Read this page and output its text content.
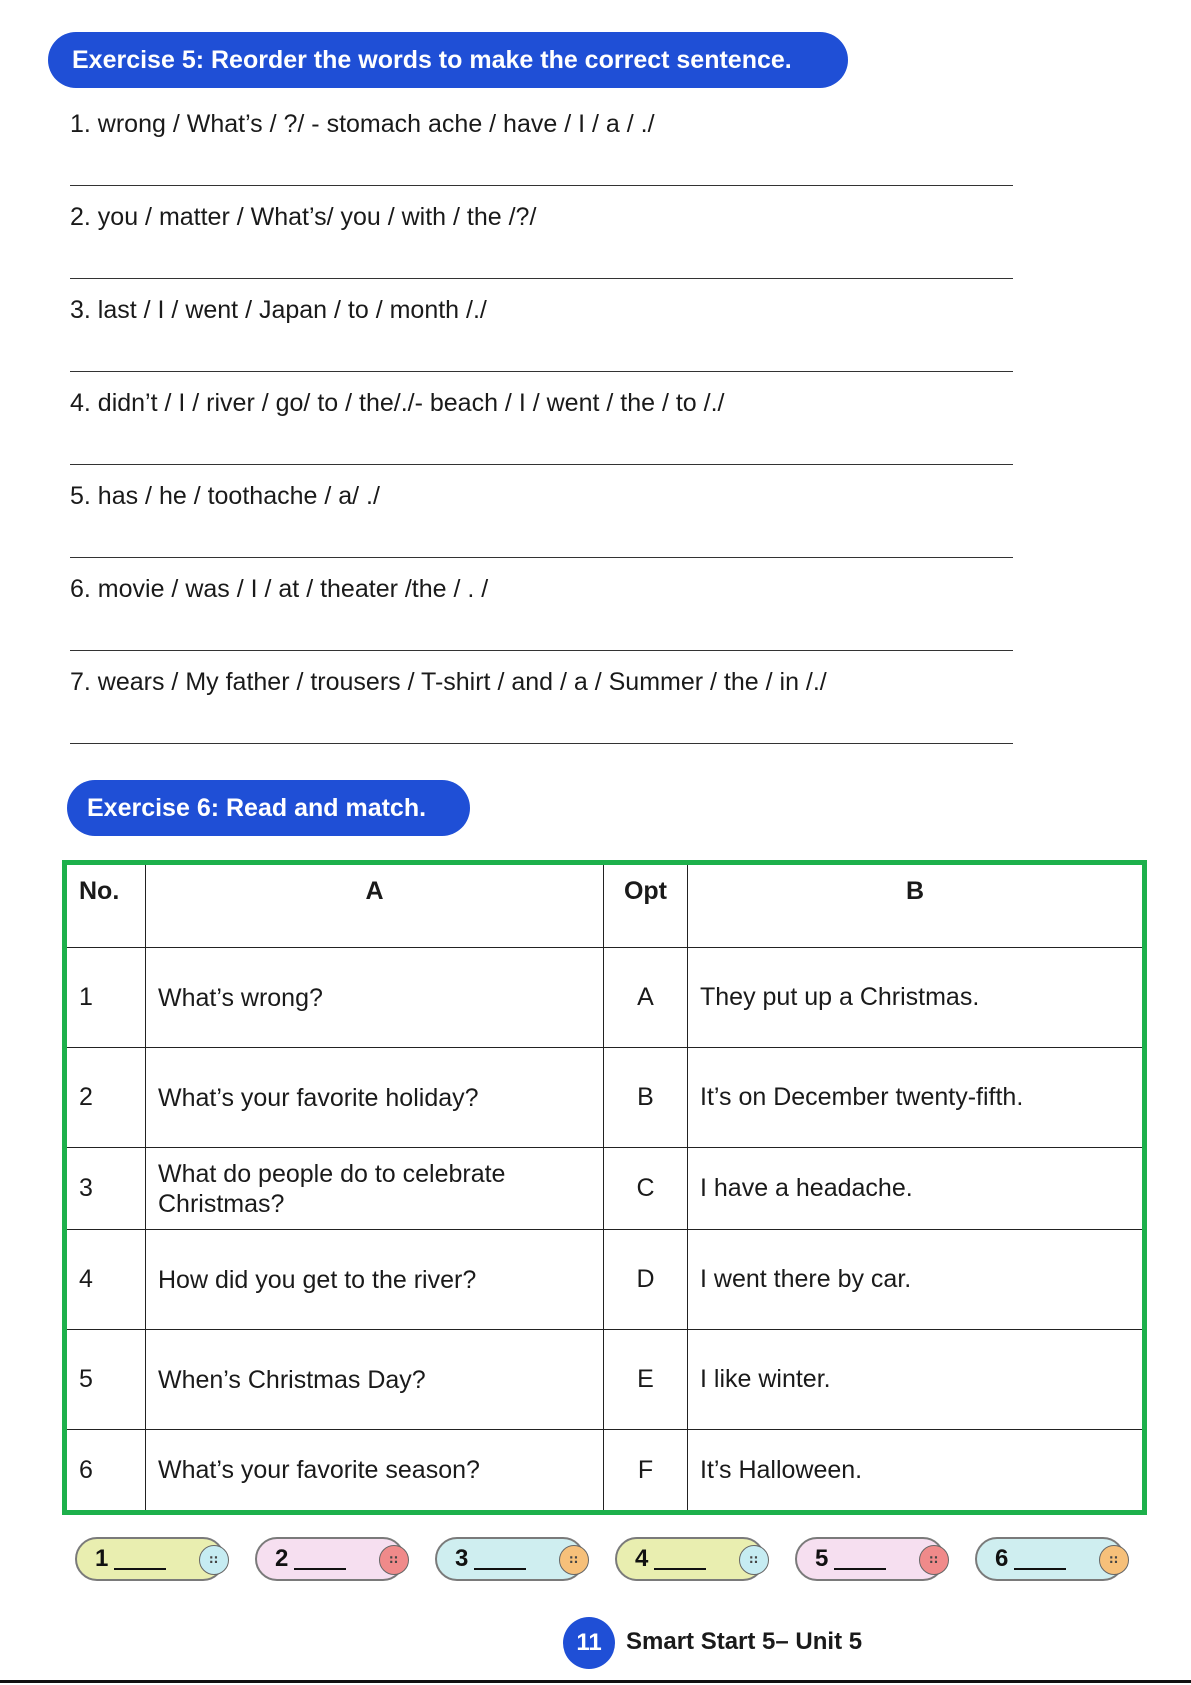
Exercise 5: Reorder the words to make the correct sentence.
1. wrong / What’s / ?/ - stomach ache / have / I / a / ./
2. you / matter / What’s/ you / with / the /?/
3. last / I / went / Japan / to / month /./
4. didn’t / I / river / go/ to / the/./- beach / I / went / the / to /./
5. has / he / toothache / a/ ./
6. movie / was / I / at / theater /the / . /
7. wears / My father / trousers / T-shirt / and / a / Summer / the / in /./
Exercise 6: Read and match.
No.	A	Opt	B
1	What’s wrong?	A	They put up a Christmas.
2	What’s your favorite holiday?	B	It’s on December twenty-fifth.
3	What do people do to celebrate
Christmas?	C	I have a headache.
4	How did you get to the river?	D	I went there by car.
5	When’s Christmas Day?	E	I like winter.
6	What’s your favorite season?	F	It’s Halloween.
1	∷	2	∷	3	∷	4	∷	5	∷	6	∷
11	Smart Start 5– Unit 5
